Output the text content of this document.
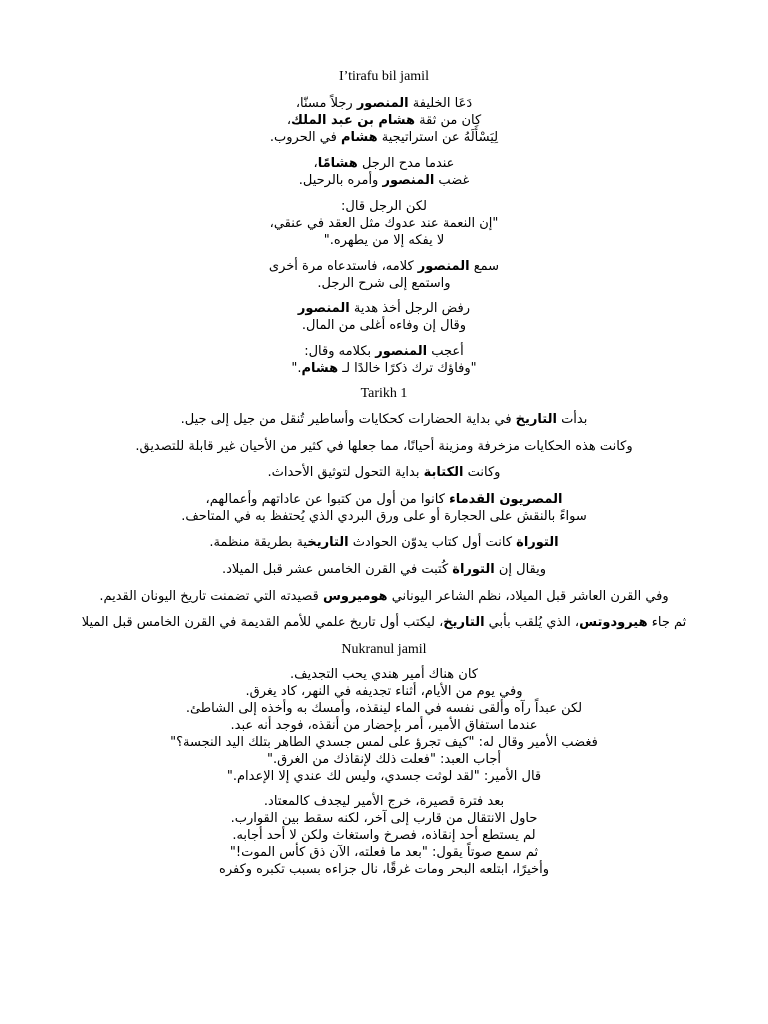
I’tirafu bil jamil
دَعَا الخليفة المنصور رجلاً مسنّا،
كان من ثقة هشام بن عبد الملك،
لِيَسْأَلَهُ عن استراتيجية هشام في الحروب.
عندما مدح الرجل هشامًا،
غضب المنصور وأمره بالرحيل.
لكن الرجل قال:
"إن النعمة عند عدوك مثل العقد في عنقي،
لا يفكه إلا من يطهره."
سمع المنصور كلامه، فاستدعاه مرة أخرى
واستمع إلى شرح الرجل.
رفض الرجل أخذ هدية المنصور
وقال إن وفاءه أغلى من المال.
أعجب المنصور بكلامه وقال:
"وفاؤك ترك ذكرًا خالدًا لـ هشام."
Tarikh 1
بدأت التاريخ في بداية الحضارات كحكايات وأساطير تُنقل من جيل إلى جيل.
وكانت هذه الحكايات مزخرفة ومزينة أحيانًا، مما جعلها في كثير من الأحيان غير قابلة للتصديق.
وكانت الكتابة بداية التحول لتوثيق الأحداث.
المصريون القدماء كانوا من أول من كتبوا عن عاداتهم وأعمالهم،
سواءً بالنقش على الحجارة أو على ورق البردي الذي يُحتفظ به في المتاحف.
التوراة كانت أول كتاب يدوّن الحوادث التاريخية بطريقة منظمة.
ويقال إن التوراة كُتبت في القرن الخامس عشر قبل الميلاد.
وفي القرن العاشر قبل الميلاد، نظم الشاعر اليوناني هوميروس قصيدته التي تضمنت تاريخ اليونان القديم.
ثم جاء هيرودوتس، الذي يُلقب بأبي التاريخ، ليكتب أول تاريخ علمي للأمم القديمة في القرن الخامس قبل الميلا
Nukranul jamil
كان هناك أمير هندي يحب التجديف.
وفي يوم من الأيام، أثناء تجديفه في النهر، كاد يغرق.
لكن عبداً رآه وألقى نفسه في الماء لينقذه، وأمسك به وأخذه إلى الشاطئ.
عندما استفاق الأمير، أمر بإحضار من أنقذه، فوجد أنه عبد.
فغضب الأمير وقال له: "كيف تجرؤ على لمس جسدي الطاهر بتلك اليد النجسة؟"
أجاب العبد: "فعلت ذلك لإنقاذك من الغرق."
قال الأمير: "لقد لوثت جسدي، وليس لك عندي إلا الإعدام."
بعد فترة قصيرة، خرج الأمير ليجدف كالمعتاد.
حاول الانتقال من قارب إلى آخر، لكنه سقط بين القوارب.
لم يستطع أحد إنقاذه، فصرخ واستغاث ولكن لا أحد أجابه.
ثم سمع صوتاً يقول: "بعد ما فعلته، الآن ذق كأس الموت!"
وأخيرًا، ابتلعه البحر ومات غرقًا، نال جزاءه بسبب تكبره وكفره
